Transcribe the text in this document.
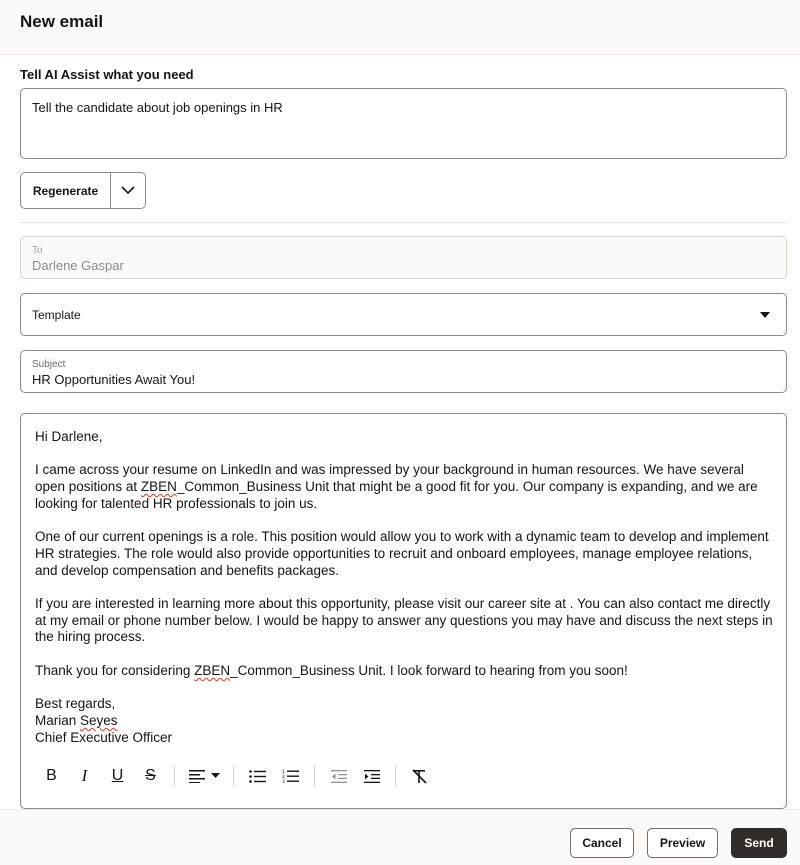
New email
Tell AI Assist what you need
Tell the candidate about job openings in HR
Regenerate
To
Darlene Gaspar
Template
Subject
HR Opportunities Await You!

Hi Darlene,

I came across your resume on LinkedIn and was impressed by your background in human resources. We have several open positions at ZBEN_Common_Business Unit that might be a good fit for you. Our company is expanding, and we are looking for talented HR professionals to join us.

One of our current openings is a role. This position would allow you to work with a dynamic team to develop and implement HR strategies. The role would also provide opportunities to recruit and onboard employees, manage employee relations, and develop compensation and benefits packages.

If you are interested in learning more about this opportunity, please visit our career site at . You can also contact me directly at my email or phone number below. I would be happy to answer any questions you may have and discuss the next steps in the hiring process.

Thank you for considering ZBEN_Common_Business Unit. I look forward to hearing from you soon!

Best regards,
Marian Seyes
Chief Executive Officer

B I U S	1
2
3
Cancel	Preview	Send
